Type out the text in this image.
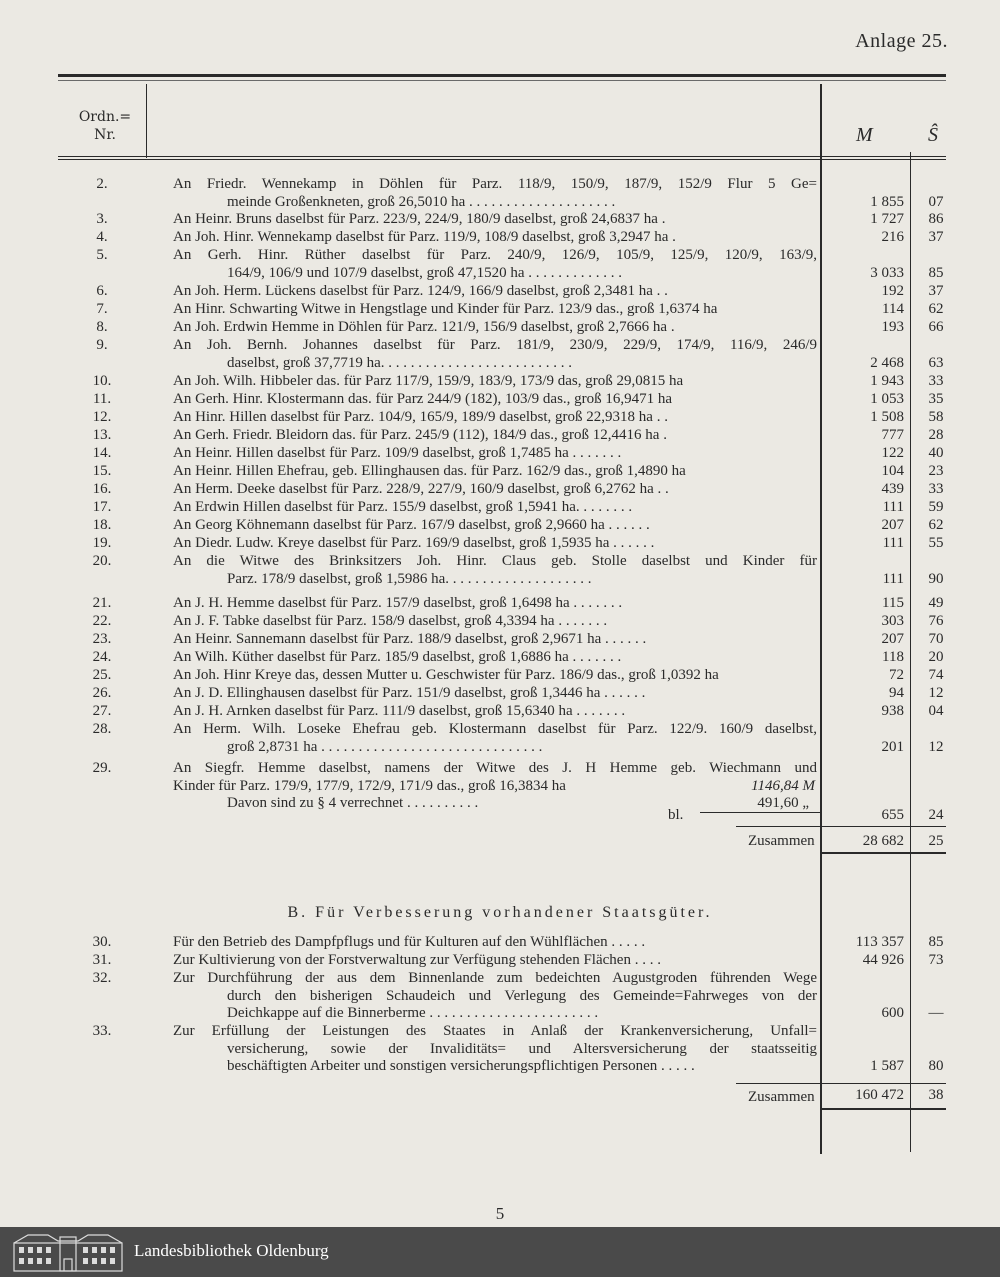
Anlage 25.
Ordn.=
Nr.	M	Ŝ
2.	An Friedr. Wennekamp in Döhlen für Parz. 118/9, 150/9, 187/9, 152/9 Flur 5 Ge=
meinde Großenkneten, groß 26,5010 ha . . . . . . . . . . . . . . . . . . . .	1 855	07
3.	An Heinr. Bruns daselbst für Parz. 223/9, 224/9, 180/9 daselbst, groß 24,6837 ha .	1 727	86
4.	An Joh. Hinr. Wennekamp daselbst für Parz. 119/9, 108/9 daselbst, groß 3,2947 ha .	216	37
5.	An Gerh. Hinr. Rüther daselbst für Parz. 240/9, 126/9, 105/9, 125/9, 120/9, 163/9,
164/9, 106/9 und 107/9 daselbst, groß 47,1520 ha . . . . . . . . . . . . .	3 033	85
6.	An Joh. Herm. Lückens daselbst für Parz. 124/9, 166/9 daselbst, groß 2,3481 ha . .	192	37
7.	An Hinr. Schwarting Witwe in Hengstlage und Kinder für Parz. 123/9 das., groß 1,6374 ha	114	62
8.	An Joh. Erdwin Hemme in Döhlen für Parz. 121/9, 156/9 daselbst, groß 2,7666 ha .	193	66
9.	An Joh. Bernh. Johannes daselbst für Parz. 181/9, 230/9, 229/9, 174/9, 116/9, 246/9
daselbst, groß 37,7719 ha. . . . . . . . . . . . . . . . . . . . . . . . . .	2 468	63
10.	An Joh. Wilh. Hibbeler das. für Parz 117/9, 159/9, 183/9, 173/9 das, groß 29,0815 ha	1 943	33
11.	An Gerh. Hinr. Klostermann das. für Parz 244/9 (182), 103/9 das., groß 16,9471 ha	1 053	35
12.	An Hinr. Hillen daselbst für Parz. 104/9, 165/9, 189/9 daselbst, groß 22,9318 ha . .	1 508	58
13.	An Gerh. Friedr. Bleidorn das. für Parz. 245/9 (112), 184/9 das., groß 12,4416 ha .	777	28
14.	An Heinr. Hillen daselbst für Parz. 109/9 daselbst, groß 1,7485 ha . . . . . . .	122	40
15.	An Heinr. Hillen Ehefrau, geb. Ellinghausen das. für Parz. 162/9 das., groß 1,4890 ha	104	23
16.	An Herm. Deeke daselbst für Parz. 228/9, 227/9, 160/9 daselbst, groß 6,2762 ha . .	439	33
17.	An Erdwin Hillen daselbst für Parz. 155/9 daselbst, groß 1,5941 ha. . . . . . . .	111	59
18.	An Georg Köhnemann daselbst für Parz. 167/9 daselbst, groß 2,9660 ha . . . . . .	207	62
19.	An Diedr. Ludw. Kreye daselbst für Parz. 169/9 daselbst, groß 1,5935 ha . . . . . .	111	55
20.	An die Witwe des Brinksitzers Joh. Hinr. Claus geb. Stolle daselbst und Kinder für
Parz. 178/9 daselbst, groß 1,5986 ha. . . . . . . . . . . . . . . . . . . .	111	90
21.	An J. H. Hemme daselbst für Parz. 157/9 daselbst, groß 1,6498 ha . . . . . . .	115	49
22.	An J. F. Tabke daselbst für Parz. 158/9 daselbst, groß 4,3394 ha . . . . . . .	303	76
23.	An Heinr. Sannemann daselbst für Parz. 188/9 daselbst, groß 2,9671 ha . . . . . .	207	70
24.	An Wilh. Küther daselbst für Parz. 185/9 daselbst, groß 1,6886 ha . . . . . . .	118	20
25.	An Joh. Hinr Kreye das, dessen Mutter u. Geschwister für Parz. 186/9 das., groß 1,0392 ha	72	74
26.	An J. D. Ellinghausen daselbst für Parz. 151/9 daselbst, groß 1,3446 ha . . . . . .	94	12
27.	An J. H. Arnken daselbst für Parz. 111/9 daselbst, groß 15,6340 ha . . . . . . .	938	04
28.	An Herm. Wilh. Loseke Ehefrau geb. Klostermann daselbst für Parz. 122/9. 160/9 daselbst,
groß 2,8731 ha . . . . . . . . . . . . . . . . . . . . . . . . . . . . . .	201	12
29.	An Siegfr. Hemme daselbst, namens der Witwe des J. H Hemme geb. Wiechmann und
Kinder für Parz. 179/9, 177/9, 172/9, 171/9 das., groß 16,3834 ha	1146,84 M
Davon sind zu § 4 verrechnet . . . . . . . . . .	491,60 „
bl.	655	24
Zusammen	28 682	25
B. Für Verbesserung vorhandener Staatsgüter.
30.	Für den Betrieb des Dampfpflugs und für Kulturen auf den Wühlflächen . . . . .	113 357	85
31.	Zur Kultivierung von der Forstverwaltung zur Verfügung stehenden Flächen . . . .	44 926	73
32.	Zur Durchführung der aus dem Binnenlande zum bedeichten Augustgroden führenden Wege
durch den bisherigen Schaudeich und Verlegung des Gemeinde=Fahrweges von der
Deichkappe auf die Binnerberme . . . . . . . . . . . . . . . . . . . . . . .	600	—
33.	Zur Erfüllung der Leistungen des Staates in Anlaß der Krankenversicherung, Unfall=
versicherung, sowie der Invaliditäts= und Altersversicherung der staatsseitig
beschäftigten Arbeiter und sonstigen versicherungspflichtigen Personen . . . . .	1 587	80
Zusammen	160 472	38
5
Landesbibliothek Oldenburg
